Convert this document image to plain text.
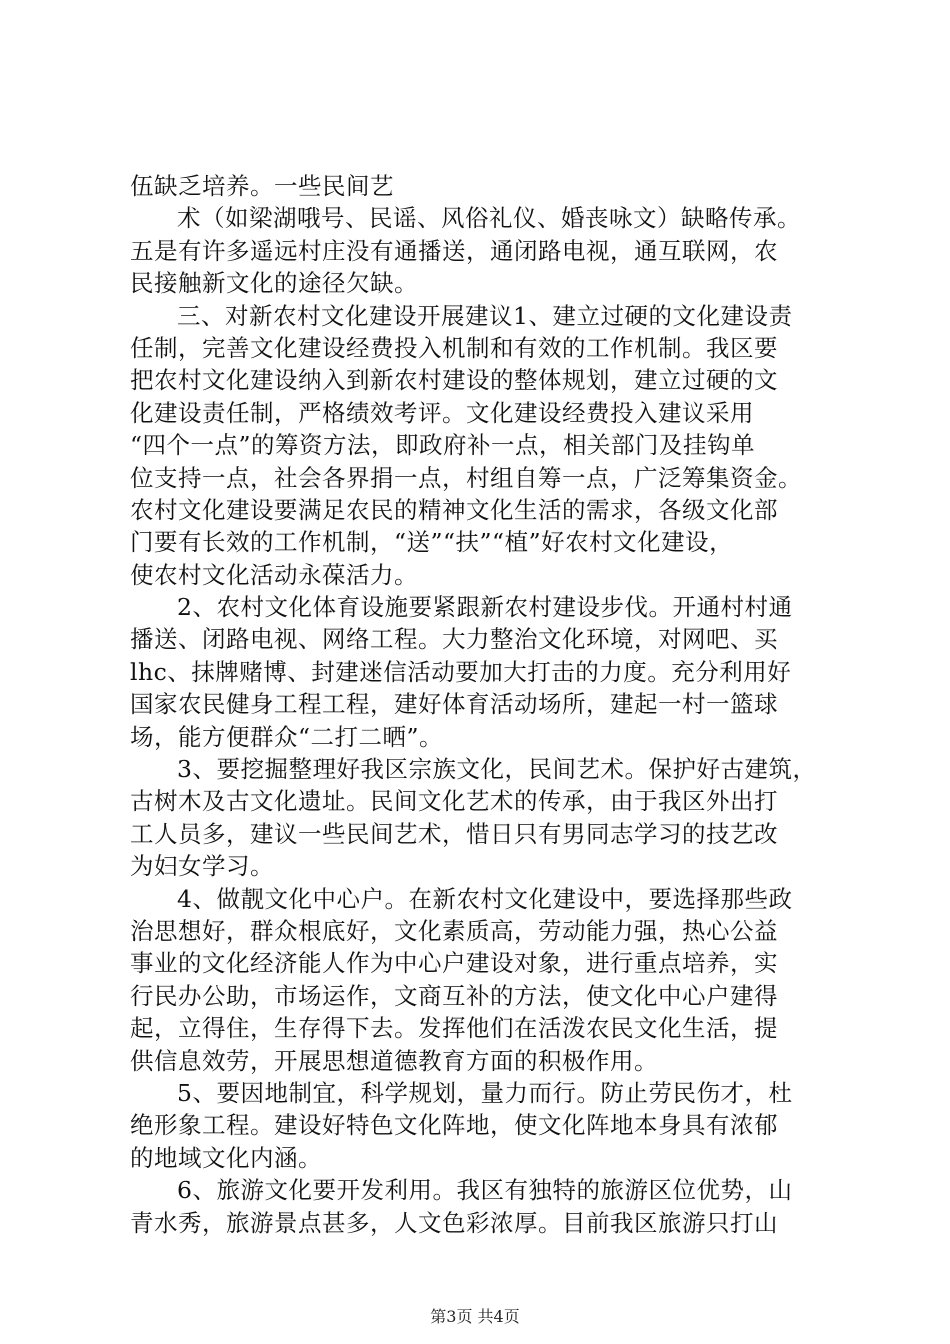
伍缺乏培养。一些民间艺
术（如梁湖哦号、民谣、风俗礼仪、婚丧咏文）缺略传承。
五是有许多遥远村庄没有通播送，通闭路电视，通互联网，农
民接触新文化的途径欠缺。
三、对新农村文化建设开展建议1、建立过硬的文化建设责
任制，完善文化建设经费投入机制和有效的工作机制。我区要
把农村文化建设纳入到新农村建设的整体规划，建立过硬的文
化建设责任制，严格绩效考评。文化建设经费投入建议采用
“四个一点”的筹资方法，即政府补一点，相关部门及挂钩单
位支持一点，社会各界捐一点，村组自筹一点，广泛筹集资金。
农村文化建设要满足农民的精神文化生活的需求，各级文化部
门要有长效的工作机制，“送”“扶”“植”好农村文化建设，
使农村文化活动永葆活力。
2、农村文化体育设施要紧跟新农村建设步伐。开通村村通
播送、闭路电视、网络工程。大力整治文化环境，对网吧、买
lhc、抹牌赌博、封建迷信活动要加大打击的力度。充分利用好
国家农民健身工程工程，建好体育活动场所，建起一村一篮球
场，能方便群众“二打二晒”。
3、要挖掘整理好我区宗族文化，民间艺术。保护好古建筑，
古树木及古文化遗址。民间文化艺术的传承，由于我区外出打
工人员多，建议一些民间艺术，惜日只有男同志学习的技艺改
为妇女学习。
4、做靓文化中心户。在新农村文化建设中，要选择那些政
治思想好，群众根底好，文化素质高，劳动能力强，热心公益
事业的文化经济能人作为中心户建设对象，进行重点培养，实
行民办公助，市场运作，文商互补的方法，使文化中心户建得
起，立得住，生存得下去。发挥他们在活泼农民文化生活，提
供信息效劳，开展思想道德教育方面的积极作用。
5、要因地制宜，科学规划，量力而行。防止劳民伤才，杜
绝形象工程。建设好特色文化阵地，使文化阵地本身具有浓郁
的地域文化内涵。
6、旅游文化要开发利用。我区有独特的旅游区位优势，山
青水秀，旅游景点甚多，人文色彩浓厚。目前我区旅游只打山
第3页 共4页
